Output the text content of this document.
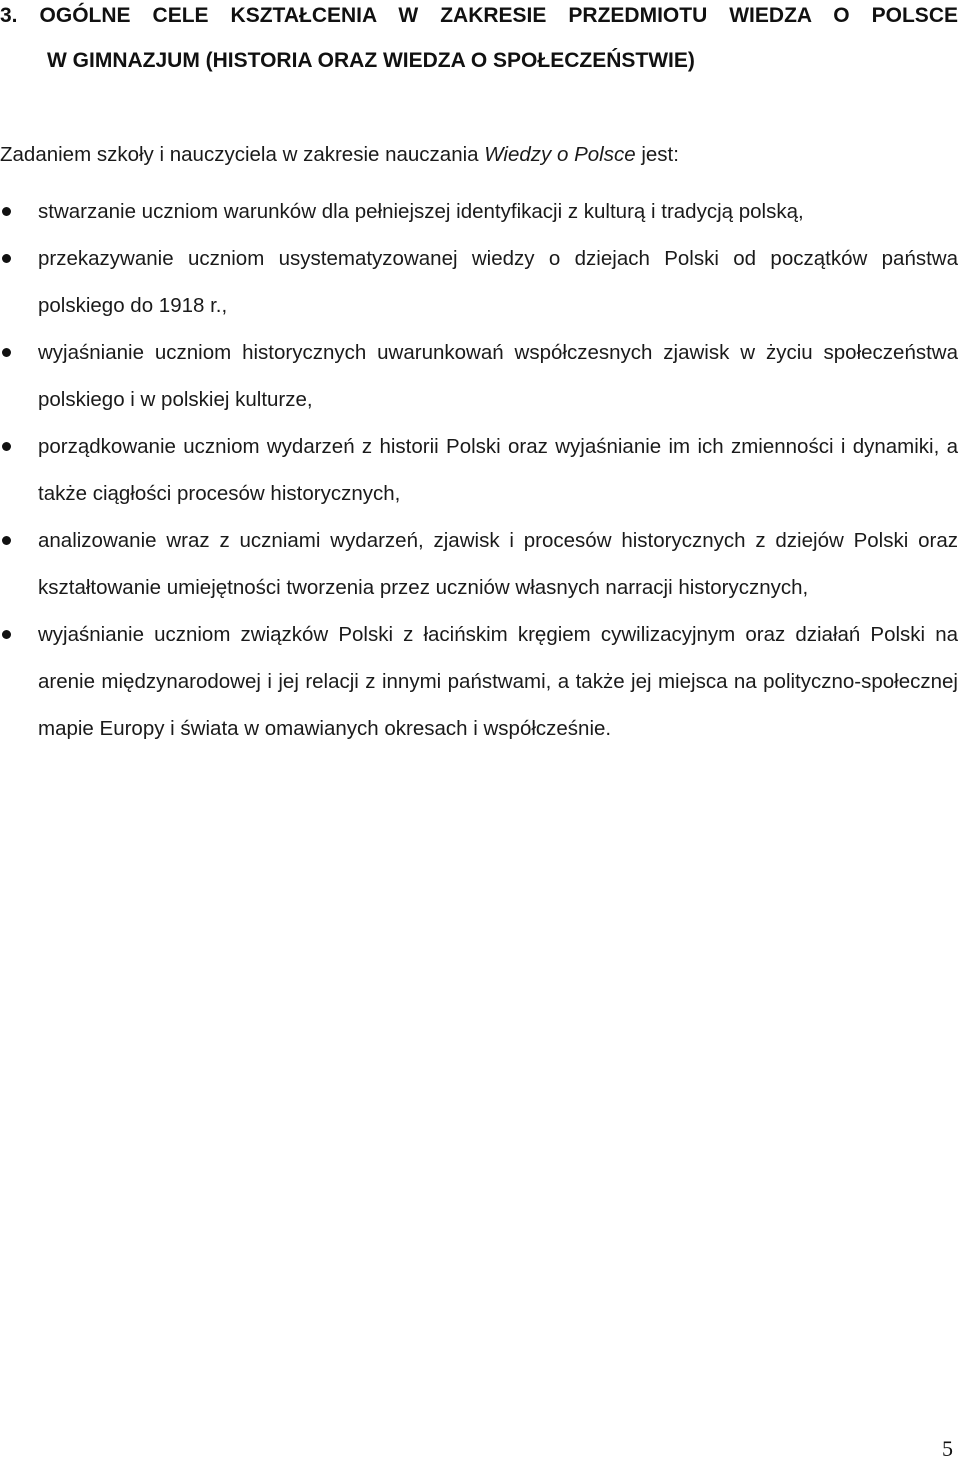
3. OGÓLNE CELE KSZTAŁCENIA W ZAKRESIE PRZEDMIOTU WIEDZA O POLSCE
W GIMNAZJUM (HISTORIA ORAZ WIEDZA O SPOŁECZEŃSTWIE)
Zadaniem szkoły i nauczyciela w zakresie nauczania Wiedzy o Polsce jest:
stwarzanie uczniom warunków dla pełniejszej identyfikacji z kulturą i tradycją polską,
przekazywanie uczniom usystematyzowanej wiedzy o dziejach Polski od początków państwa polskiego do 1918 r.,
wyjaśnianie uczniom historycznych uwarunkowań współczesnych zjawisk w życiu społeczeństwa polskiego i w polskiej kulturze,
porządkowanie uczniom wydarzeń z historii Polski oraz wyjaśnianie im ich zmienności i dynamiki, a także ciągłości procesów historycznych,
analizowanie wraz z uczniami wydarzeń, zjawisk i procesów historycznych z dziejów Polski oraz kształtowanie umiejętności tworzenia przez uczniów własnych narracji historycznych,
wyjaśnianie uczniom związków Polski z łacińskim kręgiem cywilizacyjnym oraz działań Polski na arenie międzynarodowej i jej relacji z innymi państwami, a także jej miejsca na polityczno-społecznej mapie Europy i świata w omawianych okresach i współcześnie.
5
